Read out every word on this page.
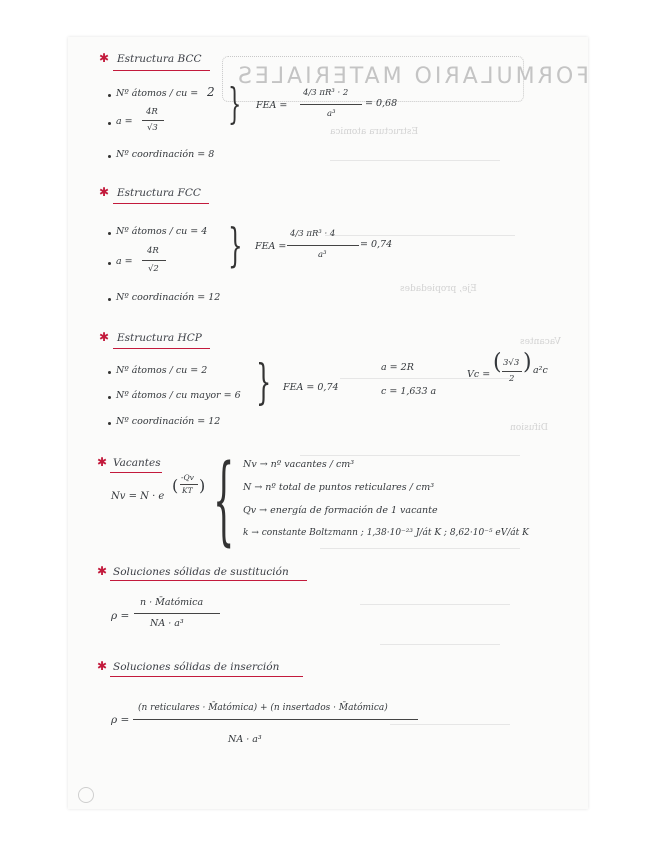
FORMULARIO MATERIALES
Estructura atomica
Eje, propiedades
Vacantes
Difusion
✱ Estructura BCC
Nº átomos / cu = 2
a =
4R
√3
Nº coordinación = 8
} FEA =
4/3 πR³ · 2
a³
= 0,68
✱ Estructura FCC
Nº átomos / cu = 4
a =
4R
√2
Nº coordinación = 12
} FEA =
4/3 πR³ · 4
a³
= 0,74
✱ Estructura HCP
Nº átomos / cu = 2
Nº átomos / cu mayor = 6
Nº coordinación = 12
} FEA = 0,74
a = 2R
c = 1,633 a
Vc = ( 3√3
2
) a²c
✱ Vacantes
Nv = N · e
( -Qv
KT ) { Nv → nº vacantes / cm³
N → nº total de puntos reticulares / cm³
Qv → energía de formación de 1 vacante
k → constante Boltzmann ; 1,38·10⁻²³ J/át K ; 8,62·10⁻⁵ eV/át K
✱ Soluciones sólidas de sustitución
ρ =
n · M̄atómica
NA · a³
✱ Soluciones sólidas de inserción
ρ =
(n reticulares · M̄atómica) + (n insertados · M̄atómica)
NA · a³
